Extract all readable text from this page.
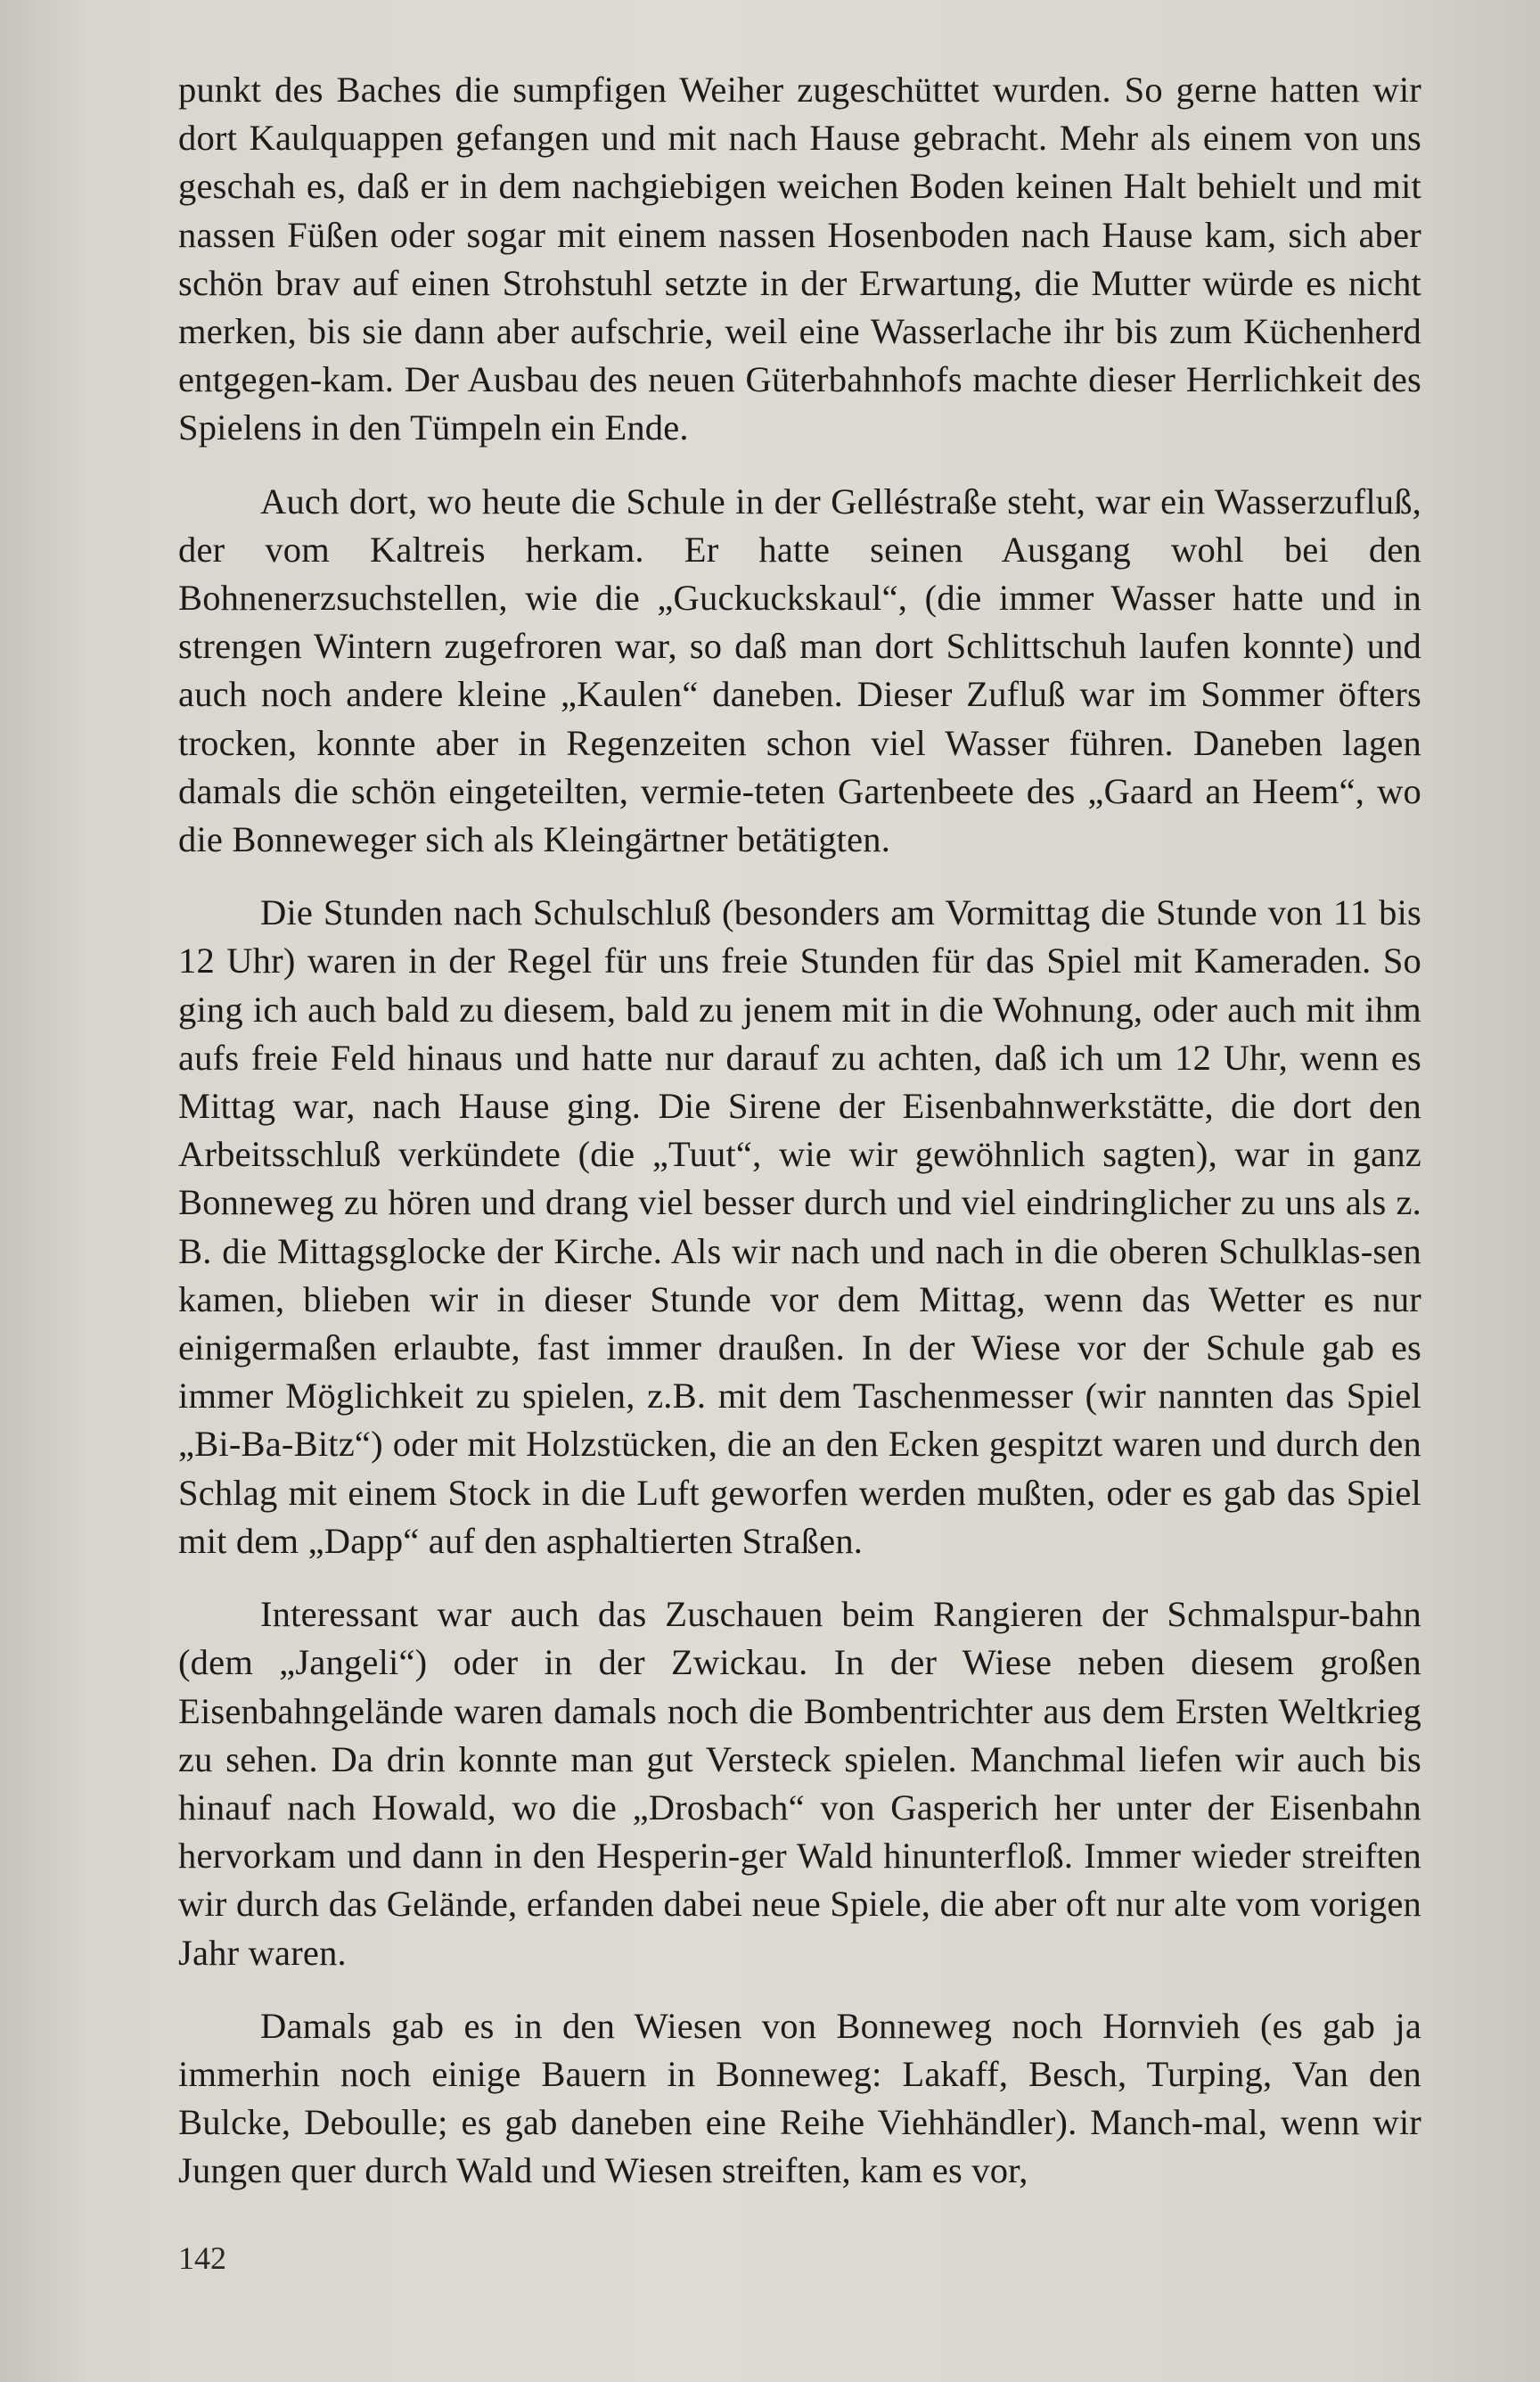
punkt des Baches die sumpfigen Weiher zugeschüttet wurden. So gerne hatten wir dort Kaulquappen gefangen und mit nach Hause gebracht. Mehr als einem von uns geschah es, daß er in dem nachgiebigen weichen Boden keinen Halt behielt und mit nassen Füßen oder sogar mit einem nassen Hosenboden nach Hause kam, sich aber schön brav auf einen Strohstuhl setzte in der Erwartung, die Mutter würde es nicht merken, bis sie dann aber aufschrie, weil eine Wasserlache ihr bis zum Küchenherd entgegen-kam. Der Ausbau des neuen Güterbahnhofs machte dieser Herrlichkeit des Spielens in den Tümpeln ein Ende.

Auch dort, wo heute die Schule in der Gelléstraße steht, war ein Wasserzufluß, der vom Kaltreis herkam. Er hatte seinen Ausgang wohl bei den Bohnenerzsuchstellen, wie die „Guckuckskaul“, (die immer Wasser hatte und in strengen Wintern zugefroren war, so daß man dort Schlittschuh laufen konnte) und auch noch andere kleine „Kaulen“ daneben. Dieser Zufluß war im Sommer öfters trocken, konnte aber in Regenzeiten schon viel Wasser führen. Daneben lagen damals die schön eingeteilten, vermie-teten Gartenbeete des „Gaard an Heem“, wo die Bonneweger sich als Kleingärtner betätigten.

Die Stunden nach Schulschluß (besonders am Vormittag die Stunde von 11 bis 12 Uhr) waren in der Regel für uns freie Stunden für das Spiel mit Kameraden. So ging ich auch bald zu diesem, bald zu jenem mit in die Wohnung, oder auch mit ihm aufs freie Feld hinaus und hatte nur darauf zu achten, daß ich um 12 Uhr, wenn es Mittag war, nach Hause ging. Die Sirene der Eisenbahnwerkstätte, die dort den Arbeitsschluß verkündete (die „Tuut“, wie wir gewöhnlich sagten), war in ganz Bonneweg zu hören und drang viel besser durch und viel eindringlicher zu uns als z. B. die Mittagsglocke der Kirche. Als wir nach und nach in die oberen Schulklas-sen kamen, blieben wir in dieser Stunde vor dem Mittag, wenn das Wetter es nur einigermaßen erlaubte, fast immer draußen. In der Wiese vor der Schule gab es immer Möglichkeit zu spielen, z.B. mit dem Taschenmesser (wir nannten das Spiel „Bi-Ba-Bitz“) oder mit Holzstücken, die an den Ecken gespitzt waren und durch den Schlag mit einem Stock in die Luft geworfen werden mußten, oder es gab das Spiel mit dem „Dapp“ auf den asphaltierten Straßen.

Interessant war auch das Zuschauen beim Rangieren der Schmalspur-bahn (dem „Jangeli“) oder in der Zwickau. In der Wiese neben diesem großen Eisenbahngelände waren damals noch die Bombentrichter aus dem Ersten Weltkrieg zu sehen. Da drin konnte man gut Versteck spielen. Manchmal liefen wir auch bis hinauf nach Howald, wo die „Drosbach“ von Gasperich her unter der Eisenbahn hervorkam und dann in den Hesperin-ger Wald hinunterfloß. Immer wieder streiften wir durch das Gelände, erfanden dabei neue Spiele, die aber oft nur alte vom vorigen Jahr waren.

Damals gab es in den Wiesen von Bonneweg noch Hornvieh (es gab ja immerhin noch einige Bauern in Bonneweg: Lakaff, Besch, Turping, Van den Bulcke, Deboulle; es gab daneben eine Reihe Viehhändler). Manch-mal, wenn wir Jungen quer durch Wald und Wiesen streiften, kam es vor,

142
